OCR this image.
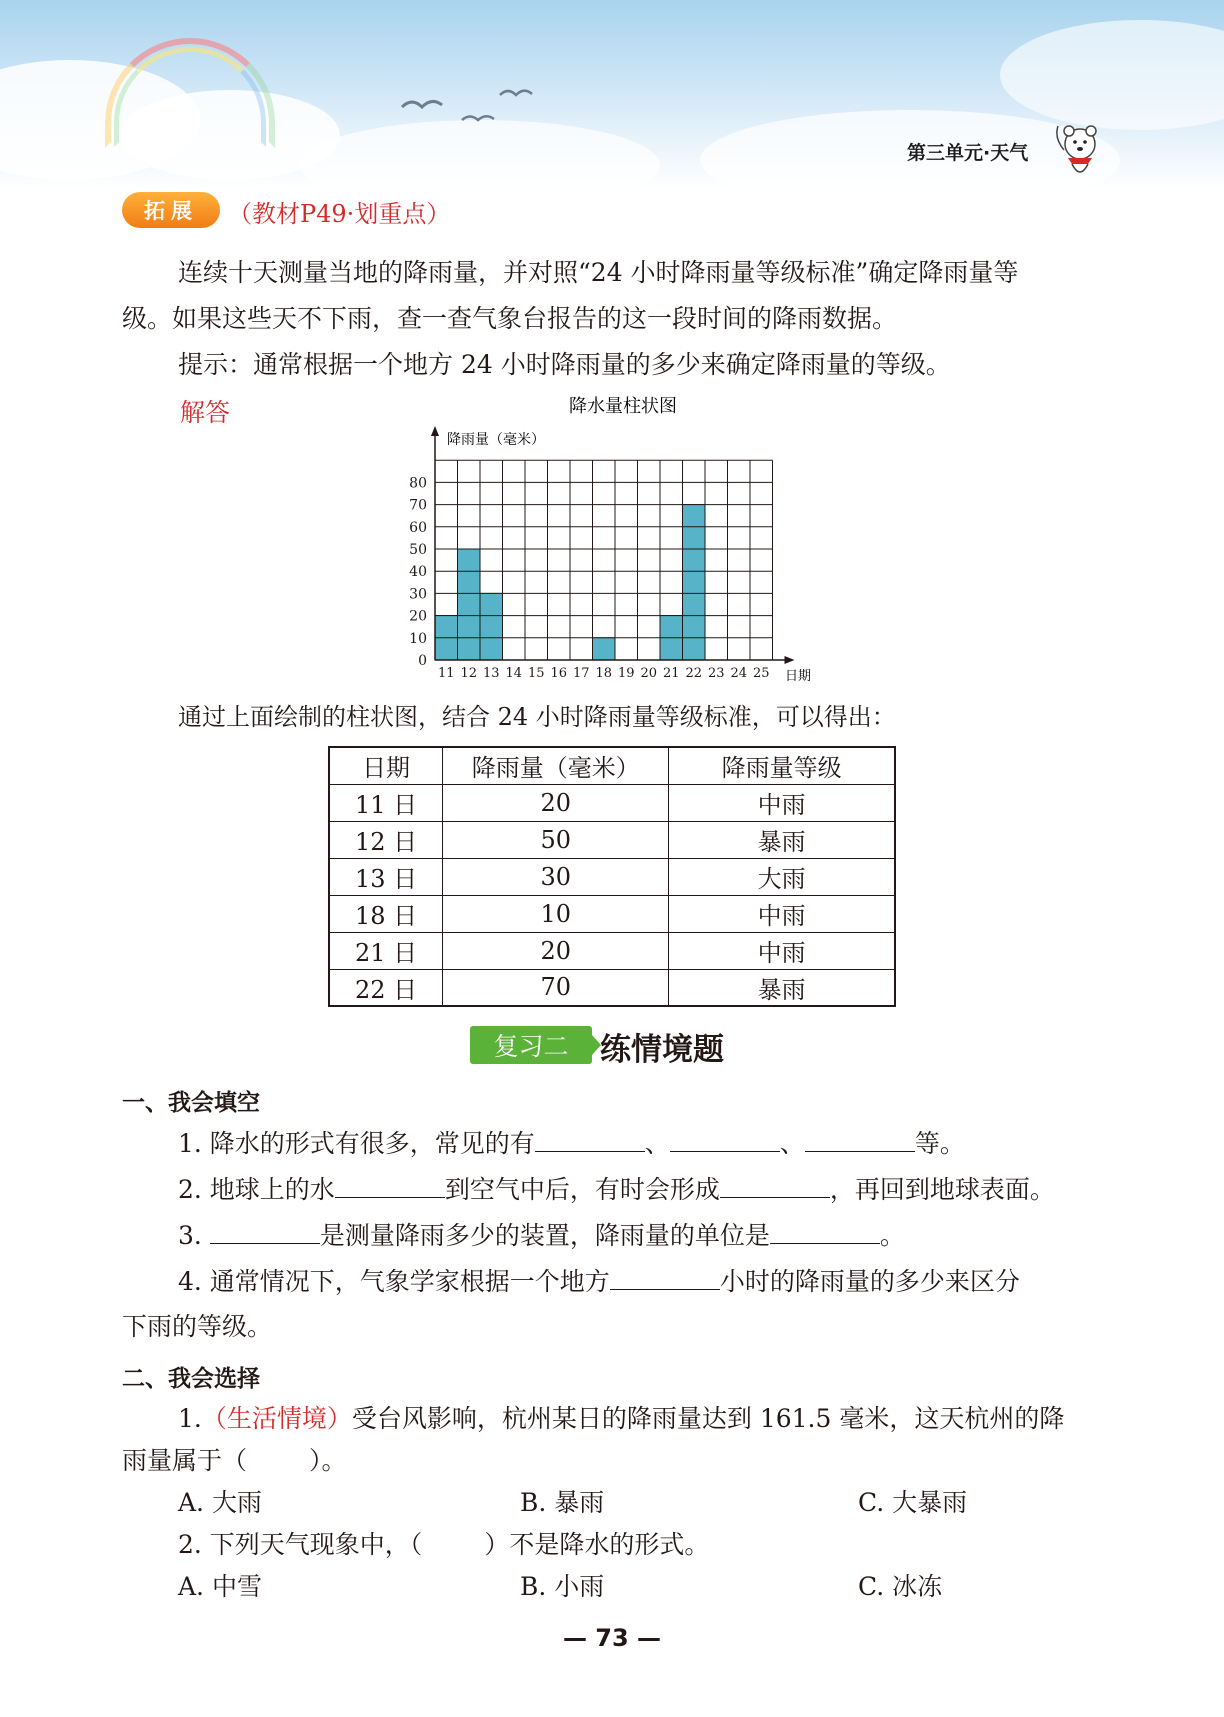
第三单元·天气
拓展	（教材P49·划重点）
连续十天测量当地的降雨量，并对照“24 小时降雨量等级标准”确定降雨量等
级。如果这些天不下雨，查一查气象台报告的这一段时间的降雨数据。
提示：通常根据一个地方 24 小时降雨量的多少来确定降雨量的等级。
解答	降水量柱状图
降雨量（毫米）
0
10
20
30
40
50
60
70
80
11 12 13 14 15 16 17 18 19 20 21 22 23 24 25 日期
通过上面绘制的柱状图，结合 24 小时降雨量等级标准，可以得出：
日期	降雨量（毫米）	降雨量等级
11 日	20	中雨
12 日	50	暴雨
13 日	30	大雨
18 日	10	中雨
21 日	20	中雨
22 日	70	暴雨
复习二	练情境题
一、我会填空
1. 降水的形式有很多，常见的有	、	、	等。
2. 地球上的水	到空气中后，有时会形成	，再回到地球表面。
3.	是测量降雨多少的装置，降雨量的单位是	。
4. 通常情况下，气象学家根据一个地方	小时的降雨量的多少来区分
下雨的等级。
二、我会选择
1.（生活情境）受台风影响，杭州某日的降雨量达到 161.5 毫米，这天杭州的降
雨量属于（ ）。
A. 大雨	B. 暴雨	C. 大暴雨
2. 下列天气现象中，（ ）不是降水的形式。
A. 中雪	B. 小雨	C. 冰冻
— 73 —
